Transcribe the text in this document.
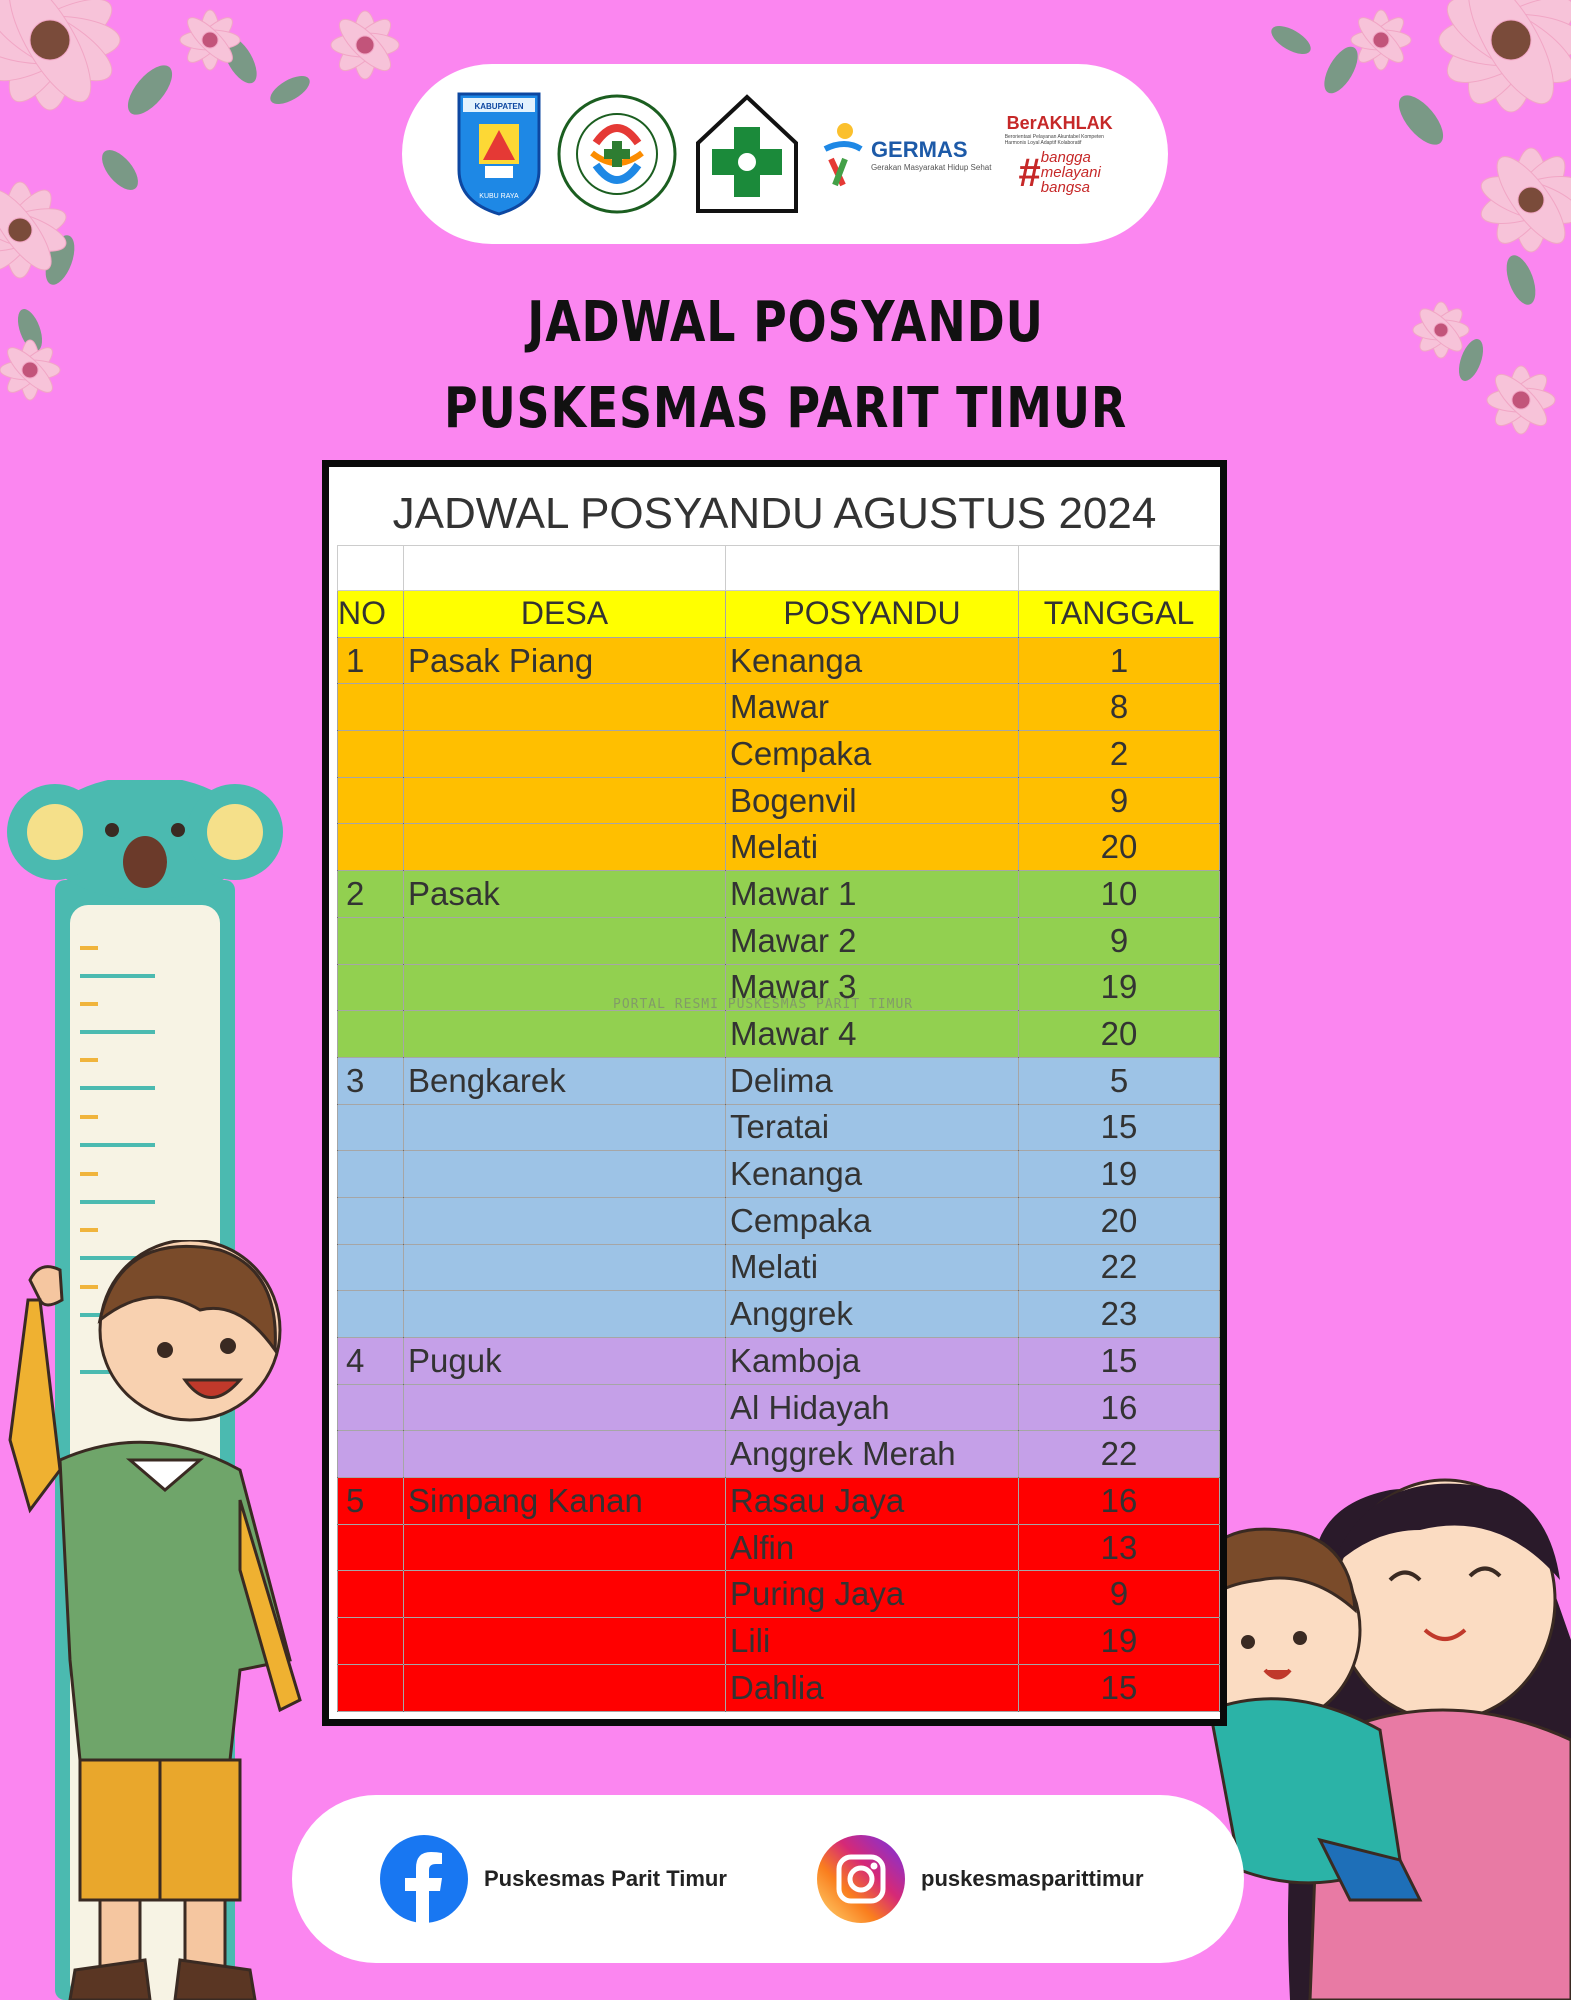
KABUPATEN
KUBU RAYA
GERMAS
Gerakan Masyarakat Hidup Sehat
BerAKHLAK
Berorientasi Pelayanan Akuntabel Kompeten Harmonis Loyal Adaptif Kolaboratif
# bangga
melayani
bangsa
JADWAL POSYANDU
PUSKESMAS PARIT TIMUR
JADWAL POSYANDU AGUSTUS 2024

NO	DESA	POSYANDU	TANGGAL
1	Pasak Piang	Kenanga	1
		Mawar	8
		Cempaka	2
		Bogenvil	9
		Melati	20
2	Pasak	Mawar 1	10
		Mawar 2	9
		Mawar 3	19
		Mawar 4	20
3	Bengkarek	Delima	5
		Teratai	15
		Kenanga	19
		Cempaka	20
		Melati	22
		Anggrek	23
4	Puguk	Kamboja	15
		Al Hidayah	16
		Anggrek Merah	22
5	Simpang Kanan	Rasau Jaya	16
		Alfin	13
		Puring Jaya	9
		Lili	19
		Dahlia	15
PORTAL RESMI PUSKESMAS PARIT TIMUR
Puskesmas Parit Timur	puskesmasparittimur
